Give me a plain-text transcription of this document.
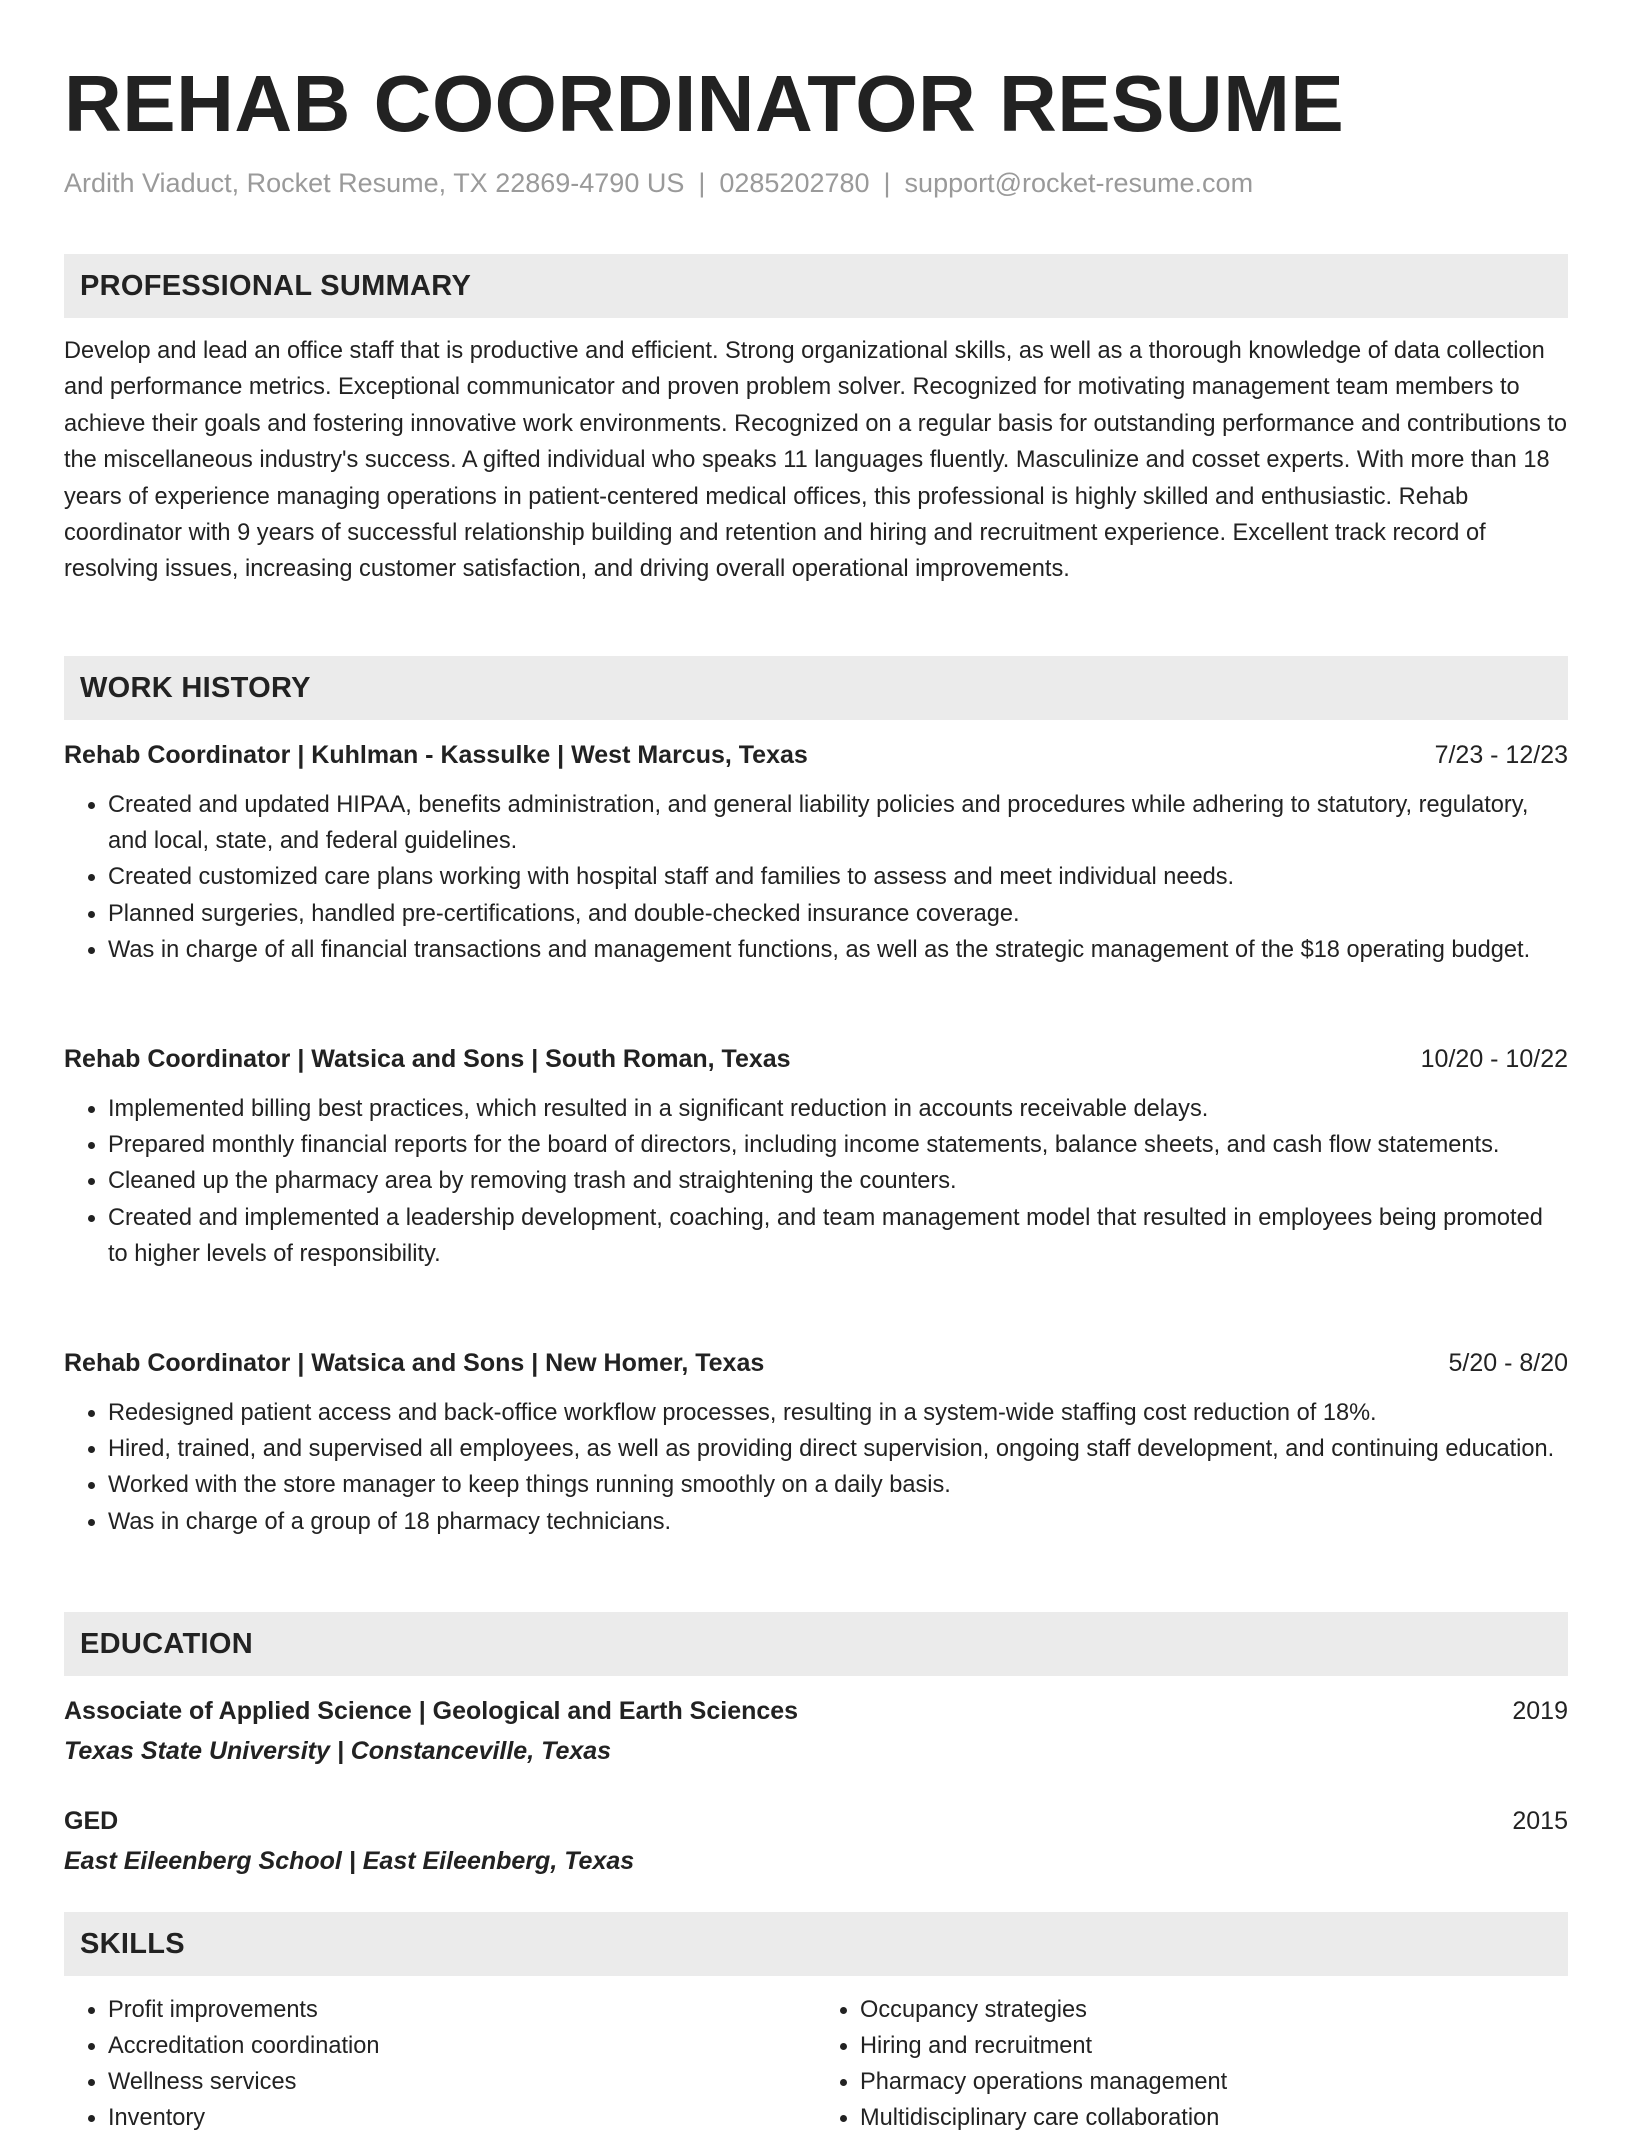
REHAB COORDINATOR RESUME
Ardith Viaduct, Rocket Resume, TX 22869-4790 US | 0285202780 | support@rocket-resume.com
PROFESSIONAL SUMMARY

Develop and lead an office staff that is productive and efficient. Strong organizational skills, as well as a thorough knowledge of data collection and performance metrics. Exceptional communicator and proven problem solver. Recognized for motivating management team members to achieve their goals and fostering innovative work environments. Recognized on a regular basis for outstanding performance and contributions to the miscellaneous industry's success. A gifted individual who speaks 11 languages fluently. Masculinize and cosset experts. With more than 18 years of experience managing operations in patient-centered medical offices, this professional is highly skilled and enthusiastic. Rehab coordinator with 9 years of successful relationship building and retention and hiring and recruitment experience. Excellent track record of resolving issues, increasing customer satisfaction, and driving overall operational improvements.

WORK HISTORY
Rehab Coordinator | Kuhlman - Kassulke | West Marcus, Texas	7/23 - 12/23
• Created and updated HIPAA, benefits administration, and general liability policies and procedures while adhering to statutory, regulatory, and local, state, and federal guidelines.
• Created customized care plans working with hospital staff and families to assess and meet individual needs.
• Planned surgeries, handled pre-certifications, and double-checked insurance coverage.
• Was in charge of all financial transactions and management functions, as well as the strategic management of the $18 operating budget.
Rehab Coordinator | Watsica and Sons | South Roman, Texas	10/20 - 10/22
• Implemented billing best practices, which resulted in a significant reduction in accounts receivable delays.
• Prepared monthly financial reports for the board of directors, including income statements, balance sheets, and cash flow statements.
• Cleaned up the pharmacy area by removing trash and straightening the counters.
• Created and implemented a leadership development, coaching, and team management model that resulted in employees being promoted to higher levels of responsibility.
Rehab Coordinator | Watsica and Sons | New Homer, Texas	5/20 - 8/20
• Redesigned patient access and back-office workflow processes, resulting in a system-wide staffing cost reduction of 18%.
• Hired, trained, and supervised all employees, as well as providing direct supervision, ongoing staff development, and continuing education.
• Worked with the store manager to keep things running smoothly on a daily basis.
• Was in charge of a group of 18 pharmacy technicians.
EDUCATION
Associate of Applied Science | Geological and Earth Sciences	2019
Texas State University | Constanceville, Texas
GED	2015
East Eileenberg School | East Eileenberg, Texas
SKILLS
• Profit improvements
• Accreditation coordination
• Wellness services
• Inventory
• Occupancy strategies
• Hiring and recruitment
• Pharmacy operations management
• Multidisciplinary care collaboration
